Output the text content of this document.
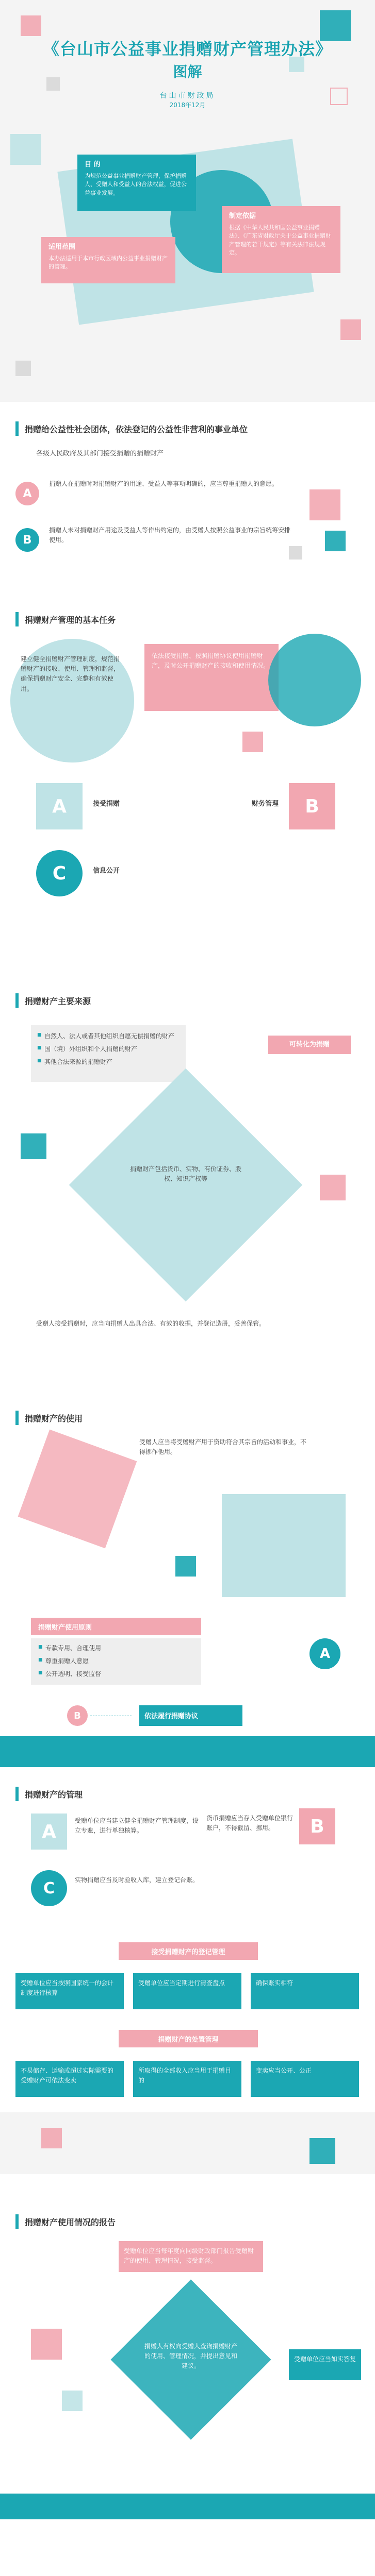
《台山市公益事业捐赠财产管理办法》
图解
台山市财政局
2018年12月
目 的
为规范公益事业捐赠财产管理，保护捐赠人、受赠人和受益人的合法权益，促进公益事业发展。
制定依据
根据《中华人民共和国公益事业捐赠法》、《广东省财政厅关于公益事业捐赠财产管理的若干规定》等有关法律法规规定。
适用范围
本办法适用于本市行政区域内公益事业捐赠财产的管理。
捐赠给公益性社会团体，依法登记的公益性非营利的事业单位
各级人民政府及其部门接受捐赠的捐赠财产
A
捐赠人在捐赠时对捐赠财产的用途、受益人等事项明确的，应当尊重捐赠人的意愿。
B
捐赠人未对捐赠财产用途及受益人等作出约定的，由受赠人按照公益事业的宗旨统筹安排使用。
捐赠财产管理的基本任务
建立健全捐赠财产管理制度，规范捐赠财产的接收、使用、管理和监督，确保捐赠财产安全、完整和有效使用。
依法接受捐赠、按照捐赠协议使用捐赠财产，及时公开捐赠财产的接收和使用情况。
A	接受捐赠	B
财务管理
C	信息公开
捐赠财产主要来源
■ 自然人、法人或者其他组织自愿无偿捐赠的财产
■ 国（境）外组织和个人捐赠的财产
■ 其他合法来源的捐赠财产
可转化为捐赠
捐赠财产包括货币、实物、有价证券、股权、知识产权等
受赠人接受捐赠时，应当向捐赠人出具合法、有效的收据，并登记造册，妥善保管。
捐赠财产的使用
受赠人应当将受赠财产用于资助符合其宗旨的活动和事业，不得挪作他用。
捐赠财产使用原则
■ 专款专用、合理使用
■ 尊重捐赠人意愿
■ 公开透明、接受监督
A
B	依法履行捐赠协议
捐赠财产的管理
A
受赠单位应当建立健全捐赠财产管理制度，设立专账，进行单独核算。	B
货币捐赠应当存入受赠单位银行账户，不得截留、挪用。
C	实物捐赠应当及时验收入库，建立登记台账。
接受捐赠财产的登记管理
受赠单位应当按照国家统一的会计制度进行核算
受赠单位应当定期进行清查盘点	确保账实相符
捐赠财产的处置管理
不易储存、运输或超过实际需要的受赠财产可依法变卖
所取得的全部收入应当用于捐赠目的
变卖应当公开、公正
捐赠财产使用情况的报告
受赠单位应当每年度向同级财政部门报告受赠财产的使用、管理情况，接受监督。
捐赠人有权向受赠人查询捐赠财产的使用、管理情况，并提出意见和建议。
受赠单位应当如实答复
